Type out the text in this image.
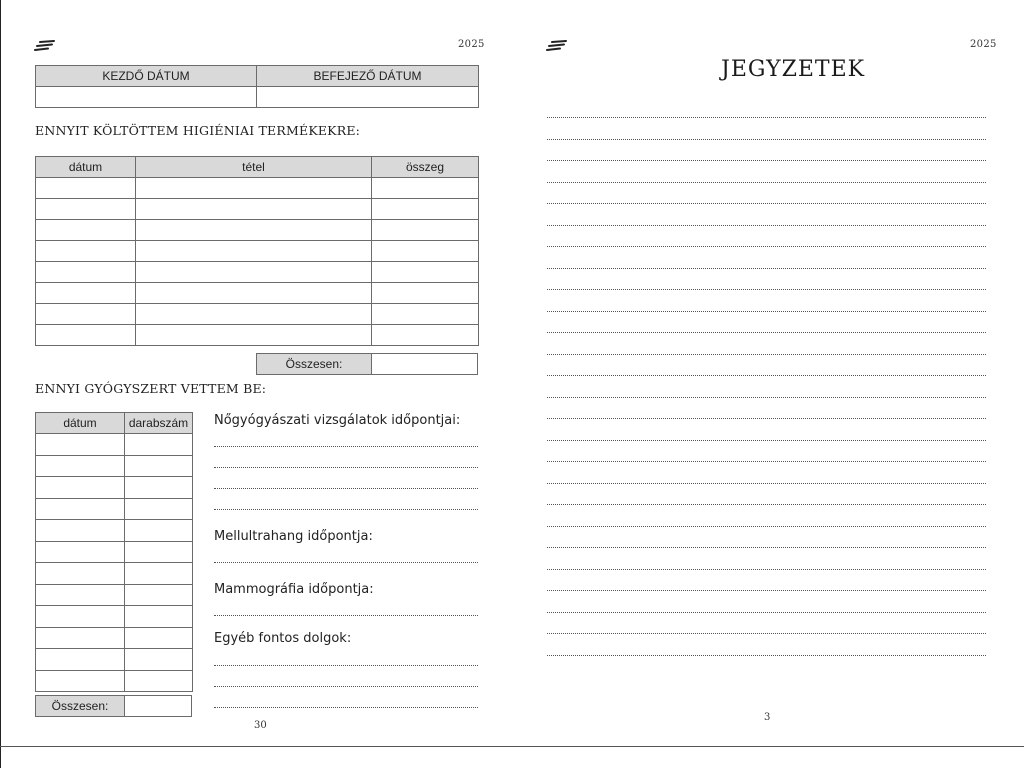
2025
KEZDŐ DÁTUM	BEFEJEZŐ DÁTUM

ENNYIT KÖLTÖTTEM HIGIÉNIAI TERMÉKEKRE:
dátum	tétel	összeg

Összesen:
ENNYI GYÓGYSZERT VETTEM BE:
dátum	darabszám

Összesen:
Nőgyógyászati vizsgálatok időpontjai:
Mellultrahang időpontja:
Mammográfia időpontja:
Egyéb fontos dolgok:
30
2025
JEGYZETEK
3
